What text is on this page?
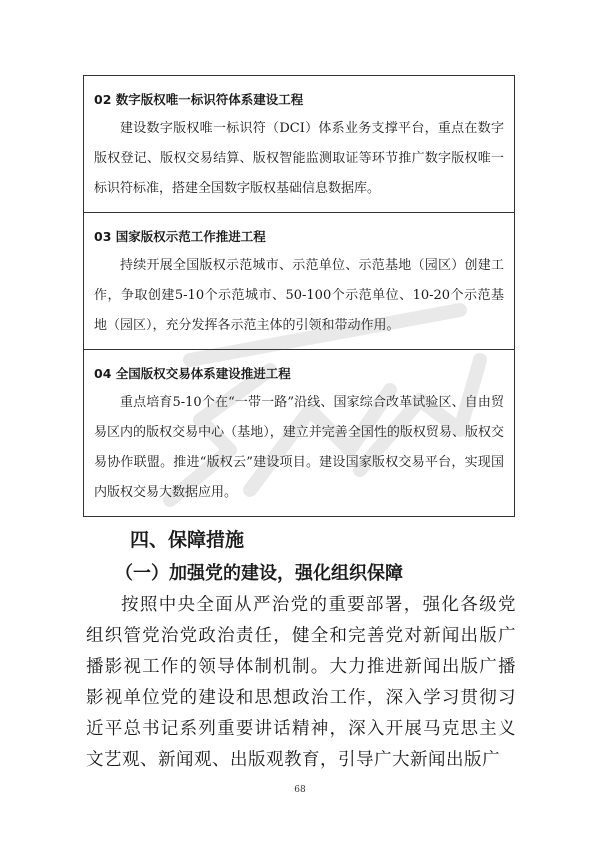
02 数字版权唯一标识符体系建设工程
建设数字版权唯一标识符（DCI）体系业务支撑平台，重点在数字版权登记、版权交易结算、版权智能监测取证等环节推广数字版权唯一标识符标准，搭建全国数字版权基础信息数据库。
03 国家版权示范工作推进工程
持续开展全国版权示范城市、示范单位、示范基地（园区）创建工作，争取创建5-10个示范城市、50-100个示范单位、10-20个示范基地（园区），充分发挥各示范主体的引领和带动作用。
04 全国版权交易体系建设推进工程
重点培育5-10个在“一带一路”沿线、国家综合改革试验区、自由贸易区内的版权交易中心（基地），建立并完善全国性的版权贸易、版权交易协作联盟。推进“版权云”建设项目。建设国家版权交易平台，实现国内版权交易大数据应用。
四、保障措施
（一）加强党的建设，强化组织保障
按照中央全面从严治党的重要部署，强化各级党组织管党治党政治责任，健全和完善党对新闻出版广播影视工作的领导体制机制。大力推进新闻出版广播影视单位党的建设和思想政治工作，深入学习贯彻习近平总书记系列重要讲话精神，深入开展马克思主义文艺观、新闻观、出版观教育，引导广大新闻出版广
68
